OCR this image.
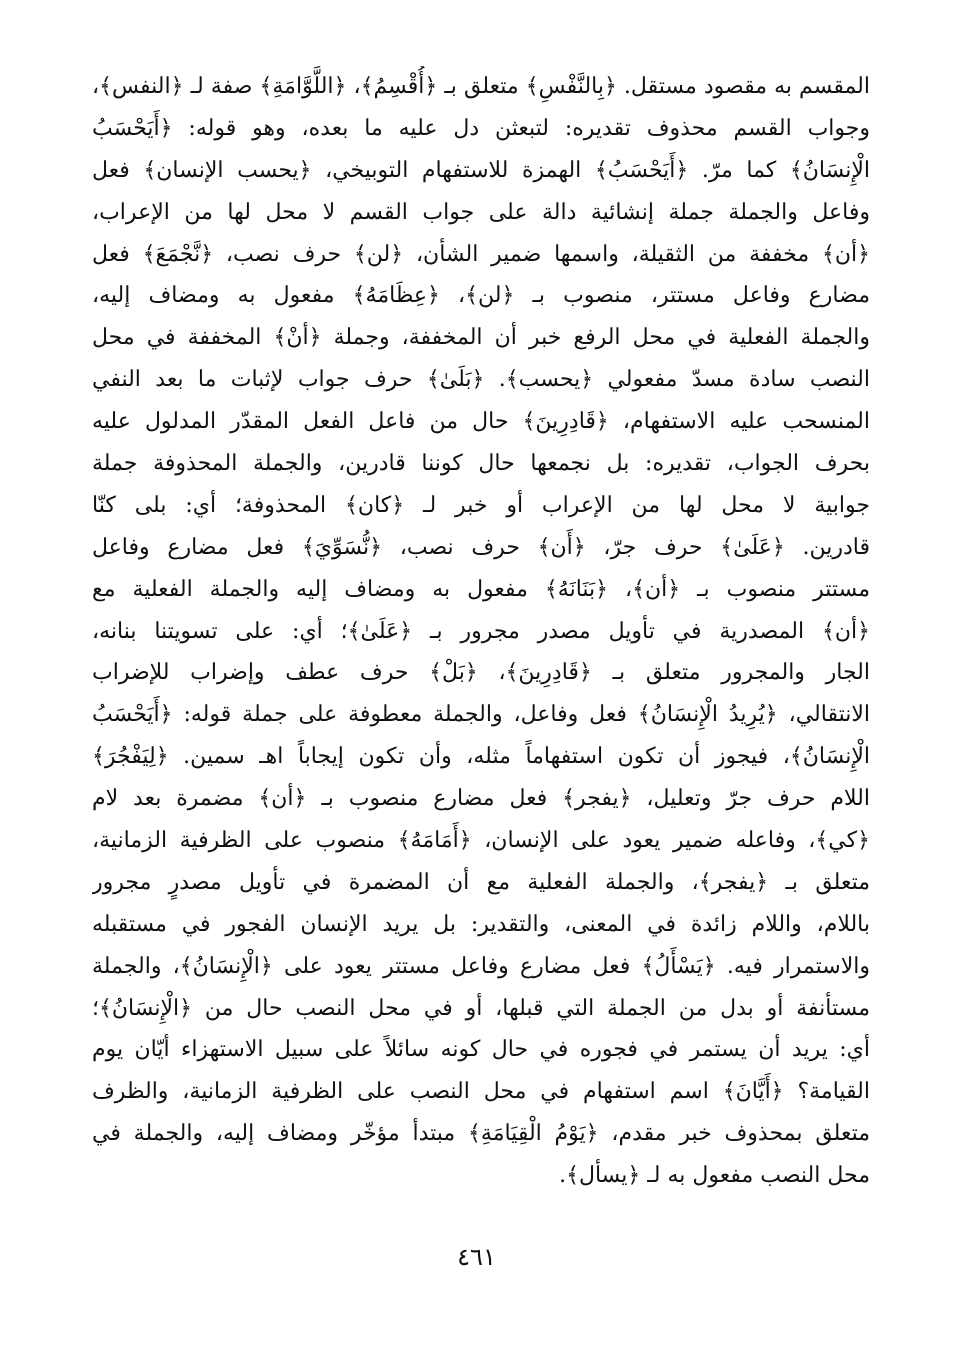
المقسم به مقصود مستقل. ﴿بِالنَّفْسِ﴾ متعلق بـ ﴿أُقْسِمُ﴾، ﴿اللَّوَّامَةِ﴾ صفة لـ ﴿النفس﴾،
وجواب القسم محذوف تقديره: لتبعثن دل عليه ما بعده، وهو قوله: ﴿أَيَحْسَبُ
الْإِنسَانُ﴾ كما مرّ. ﴿أَيَحْسَبُ﴾ الهمزة للاستفهام التوبيخي، ﴿يحسب الإنسان﴾ فعل
وفاعل والجملة جملة إنشائية دالة على جواب القسم لا محل لها من الإعراب،
﴿أن﴾ مخففة من الثقيلة، واسمها ضمير الشأن، ﴿لن﴾ حرف نصب، ﴿نَّجْمَعَ﴾ فعل
مضارع وفاعل مستتر، منصوب بـ ﴿لن﴾، ﴿عِظَامَهُ﴾ مفعول به ومضاف إليه،
والجملة الفعلية في محل الرفع خبر أن المخففة، وجملة ﴿أنْ﴾ المخففة في محل
النصب سادة مسدّ مفعولي ﴿يحسب﴾. ﴿بَلَىٰ﴾ حرف جواب لإثبات ما بعد النفي
المنسحب عليه الاستفهام، ﴿قَادِرِينَ﴾ حال من فاعل الفعل المقدّر المدلول عليه
بحرف الجواب، تقديره: بل نجمعها حال كوننا قادرين، والجملة المحذوفة جملة
جوابية لا محل لها من الإعراب أو خبر لـ ﴿كان﴾ المحذوفة؛ أي: بلى كنّا
قادرين. ﴿عَلَىٰ﴾ حرف جرّ، ﴿أَن﴾ حرف نصب، ﴿نُّسَوِّيَ﴾ فعل مضارع وفاعل
مستتر منصوب بـ ﴿أن﴾، ﴿بَنَانَهُ﴾ مفعول به ومضاف إليه والجملة الفعلية مع
﴿أن﴾ المصدرية في تأويل مصدر مجرور بـ ﴿عَلَىٰ﴾؛ أي: على تسويتنا بنانه،
الجار والمجرور متعلق بـ ﴿قَادِرِينَ﴾، ﴿بَلْ﴾ حرف عطف وإضراب للإضراب
الانتقالي، ﴿يُرِيدُ الْإِنسَانُ﴾ فعل وفاعل، والجملة معطوفة على جملة قوله: ﴿أَيَحْسَبُ
الْإِنسَانُ﴾، فيجوز أن تكون استفهاماً مثله، وأن تكون إيجاباً اهـ سمين. ﴿لِيَفْجُرَ﴾
اللام حرف جرّ وتعليل، ﴿يفجر﴾ فعل مضارع منصوب بـ ﴿أن﴾ مضمرة بعد لام
﴿كي﴾، وفاعله ضمير يعود على الإنسان، ﴿أَمَامَهُ﴾ منصوب على الظرفية الزمانية،
متعلق بـ ﴿يفجر﴾، والجملة الفعلية مع أن المضمرة في تأويل مصدرٍ مجرور
باللام، واللام زائدة في المعنى، والتقدير: بل يريد الإنسان الفجور في مستقبله
والاستمرار فيه. ﴿يَسْأَلُ﴾ فعل مضارع وفاعل مستتر يعود على ﴿الْإِنسَانُ﴾، والجملة
مستأنفة أو بدل من الجملة التي قبلها، أو في محل النصب حال من ﴿الْإِنسَانُ﴾؛
أي: يريد أن يستمر في فجوره في حال كونه سائلاً على سبيل الاستهزاء أيّان يوم
القيامة؟ ﴿أَيَّانَ﴾ اسم استفهام في محل النصب على الظرفية الزمانية، والظرف
متعلق بمحذوف خبر مقدم، ﴿يَوْمُ الْقِيَامَةِ﴾ مبتدأ مؤخّر ومضاف إليه، والجملة في
محل النصب مفعول به لـ ﴿يسأل﴾.
٤٦١
